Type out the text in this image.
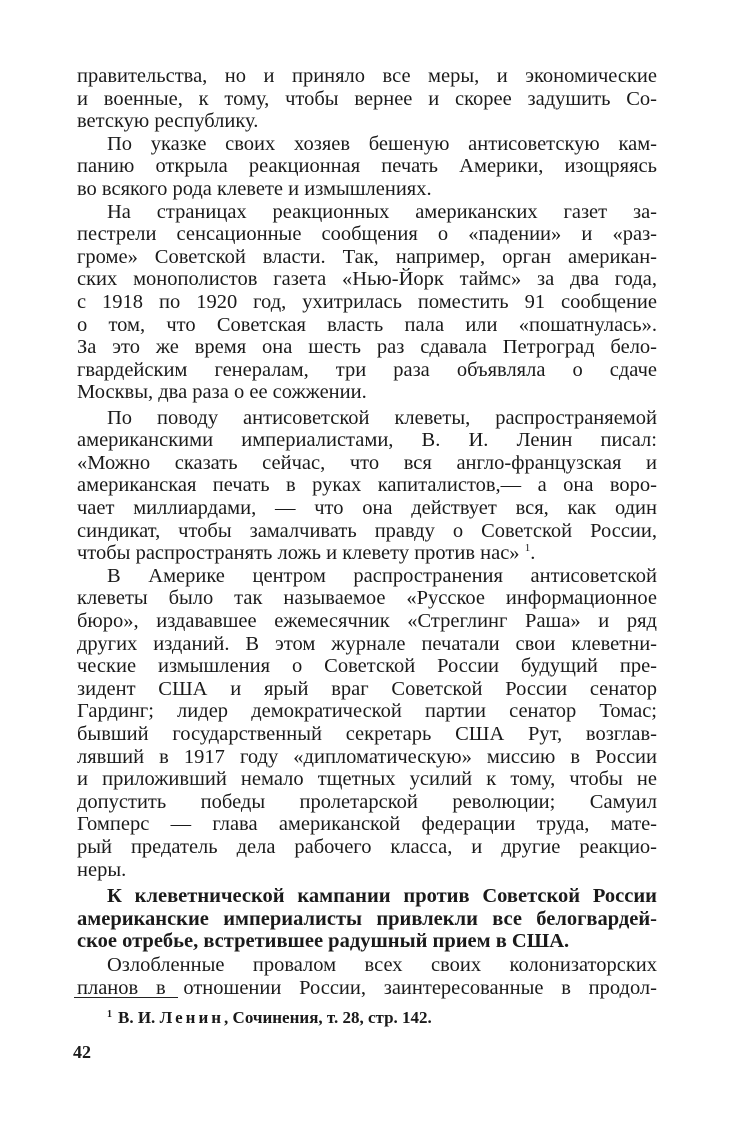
правительства, но и приняло все меры, и экономические
и военные, к тому, чтобы вернее и скорее задушить Со-
ветскую республику.
По указке своих хозяев бешеную антисоветскую кам-
панию открыла реакционная печать Америки, изощряясь
во всякого рода клевете и измышлениях.
На страницах реакционных американских газет за-
пестрели сенсационные сообщения о «падении» и «раз-
громе» Советской власти. Так, например, орган американ-
ских монополистов газета «Нью-Йорк таймс» за два года,
с 1918 по 1920 год, ухитрилась поместить 91 сообщение
о том, что Советская власть пала или «пошатнулась».
За это же время она шесть раз сдавала Петроград бело-
гвардейским генералам, три раза объявляла о сдаче
Москвы, два раза о ее сожжении.
По поводу антисоветской клеветы, распространяемой
американскими империалистами, В. И. Ленин писал:
«Можно сказать сейчас, что вся англо-французская и
американская печать в руках капиталистов,— а она воро-
чает миллиардами, — что она действует вся, как один
синдикат, чтобы замалчивать правду о Советской России,
чтобы распространять ложь и клевету против нас» $^1$.
В Америке центром распространения антисоветской
клеветы было так называемое «Русское информационное
бюро», издававшее ежемесячник «Стреглинг Раша» и ряд
других изданий. В этом журнале печатали свои клеветни-
ческие измышления о Советской России будущий пре-
зидент США и ярый враг Советской России сенатор
Гардинг; лидер демократической партии сенатор Томас;
бывший государственный секретарь США Рут, возглав-
лявший в 1917 году «дипломатическую» миссию в России
и приложивший немало тщетных усилий к тому, чтобы не
допустить победы пролетарской революции; Самуил
Гомперс — глава американской федерации труда, мате-
рый предатель дела рабочего класса, и другие реакцио-
неры.
К клеветнической кампании против Советской России
американские империалисты привлекли все белогвардей-
ское отребье, встретившее радушный прием в США.
Озлобленные провалом всех своих колонизаторских
планов в отношении России, заинтересованные в продол-
$^1$ В. И. Ленин, Сочинения, т. 28, стр. 142.
42
